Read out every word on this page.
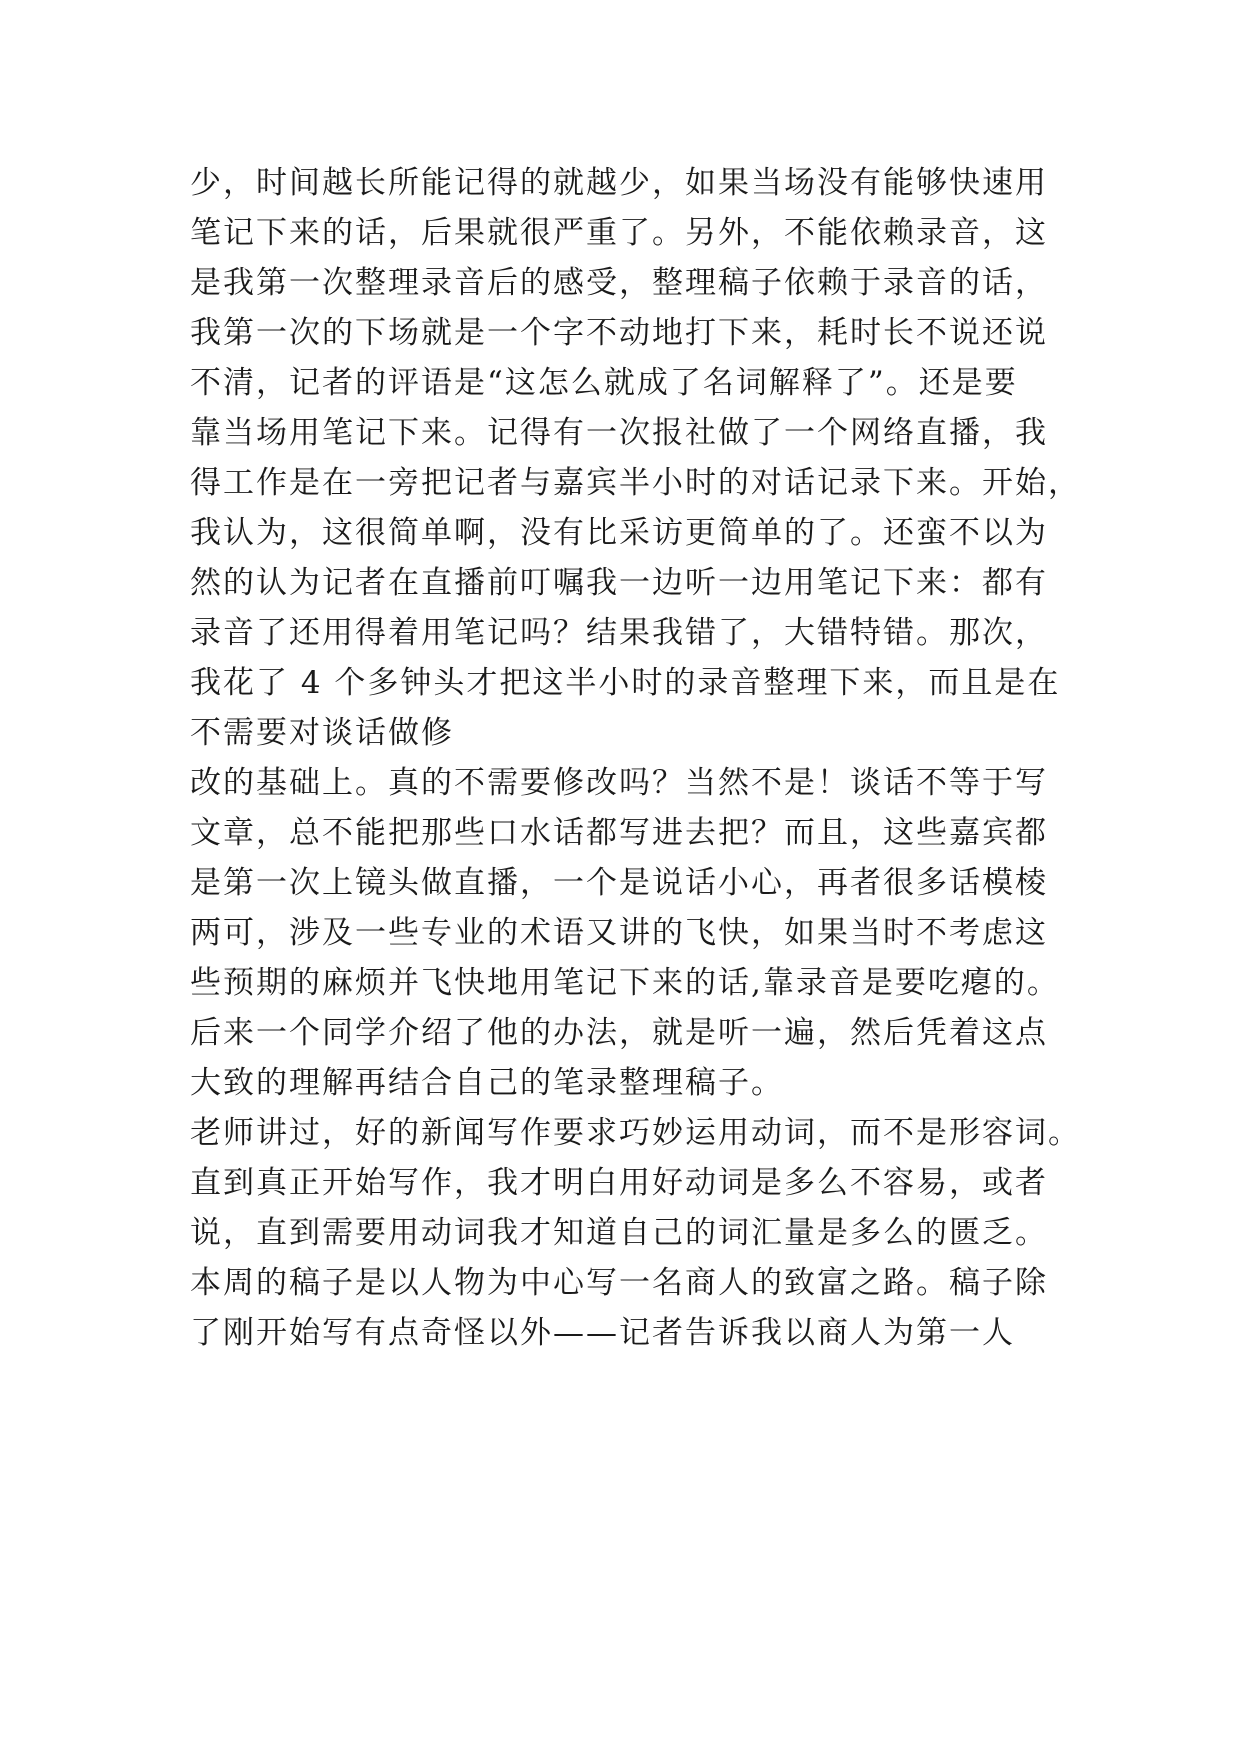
少，时间越长所能记得的就越少，如果当场没有能够快速用
笔记下来的话，后果就很严重了。另外，不能依赖录音，这
是我第一次整理录音后的感受，整理稿子依赖于录音的话，
我第一次的下场就是一个字不动地打下来，耗时长不说还说
不清，记者的评语是“这怎么就成了名词解释了”。还是要
靠当场用笔记下来。记得有一次报社做了一个网络直播，我
得工作是在一旁把记者与嘉宾半小时的对话记录下来。开始，
我认为，这很简单啊，没有比采访更简单的了。还蛮不以为
然的认为记者在直播前叮嘱我一边听一边用笔记下来：都有
录音了还用得着用笔记吗？结果我错了，大错特错。那次，
我花了 4 个多钟头才把这半小时的录音整理下来，而且是在
不需要对谈话做修
改的基础上。真的不需要修改吗？当然不是！谈话不等于写
文章，总不能把那些口水话都写进去把？而且，这些嘉宾都
是第一次上镜头做直播，一个是说话小心，再者很多话模棱
两可，涉及一些专业的术语又讲的飞快，如果当时不考虑这
些预期的麻烦并飞快地用笔记下来的话,靠录音是要吃瘪的。
后来一个同学介绍了他的办法，就是听一遍，然后凭着这点
大致的理解再结合自己的笔录整理稿子。
老师讲过，好的新闻写作要求巧妙运用动词，而不是形容词。
直到真正开始写作，我才明白用好动词是多么不容易，或者
说，直到需要用动词我才知道自己的词汇量是多么的匮乏。
本周的稿子是以人物为中心写一名商人的致富之路。稿子除
了刚开始写有点奇怪以外——记者告诉我以商人为第一人
